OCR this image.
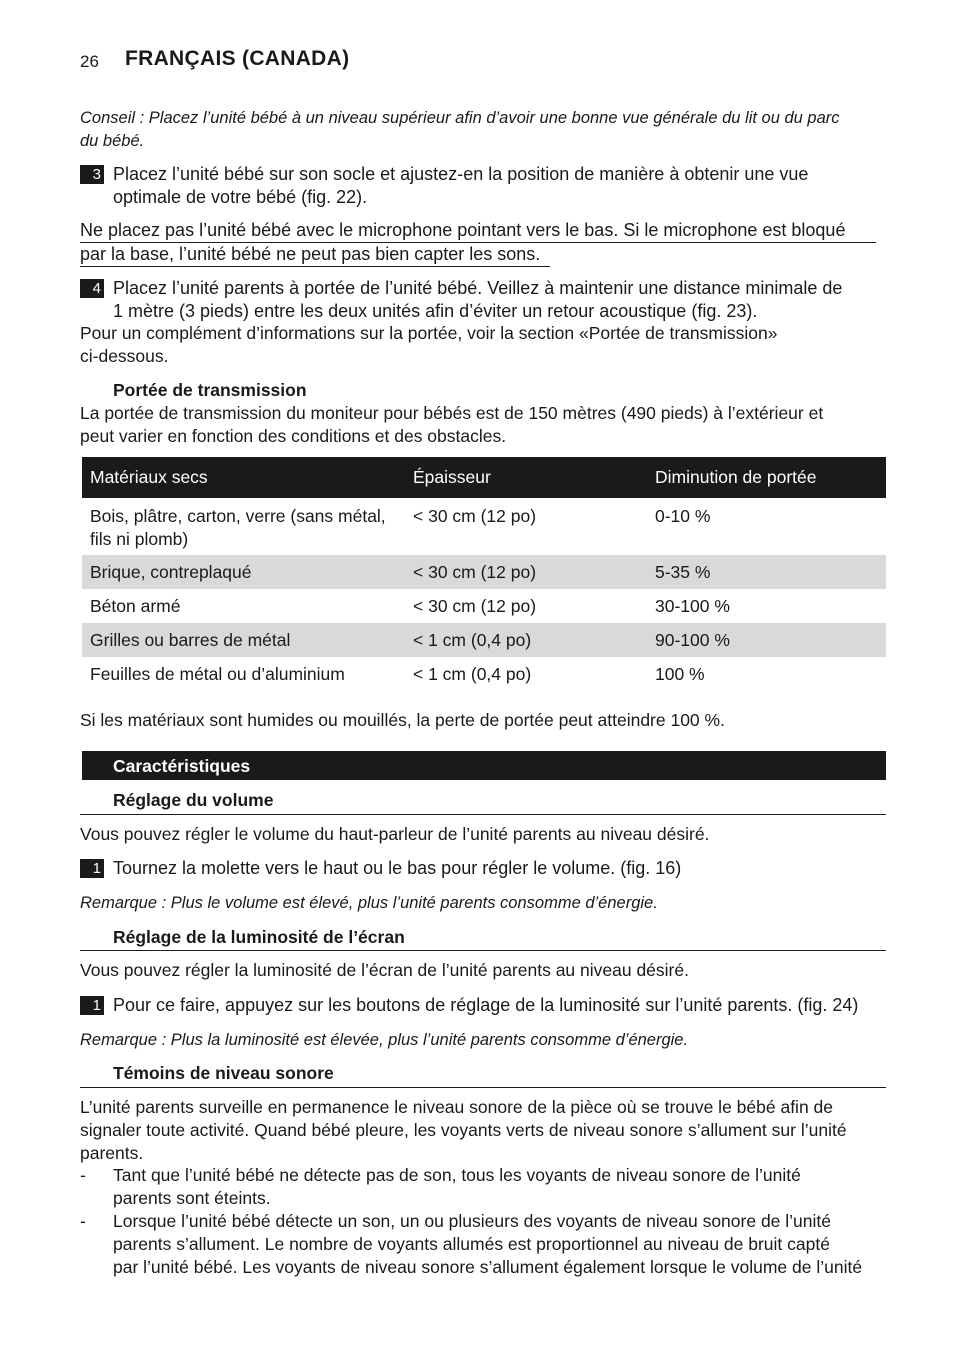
26 FRANÇAIS (CANADA)
Conseil : Placez l’unité bébé à un niveau supérieur afin d’avoir une bonne vue générale du lit ou du parc
du bébé.
3 Placez l’unité bébé sur son socle et ajustez-en la position de manière à obtenir une vue
optimale de votre bébé (fig. 22).
Ne placez pas l’unité bébé avec le microphone pointant vers le bas. Si le microphone est bloqué
par la base, l’unité bébé ne peut pas bien capter les sons.
4 Placez l’unité parents à portée de l’unité bébé. Veillez à maintenir une distance minimale de
1 mètre (3 pieds) entre les deux unités afin d’éviter un retour acoustique (fig. 23).
Pour un complément d’informations sur la portée, voir la section «Portée de transmission»
ci-dessous.
Portée de transmission
La portée de transmission du moniteur pour bébés est de 150 mètres (490 pieds) à l’extérieur et
peut varier en fonction des conditions et des obstacles.
Matériaux secs	Épaisseur	Diminution de portée

Bois, plâtre, carton, verre (sans métal,
fils ni plomb)	< 30 cm (12 po)	0-10 %
Brique, contreplaqué	< 30 cm (12 po)	5-35 %
Béton armé	< 30 cm (12 po)	30-100 %
Grilles ou barres de métal	< 1 cm (0,4 po)	90-100 %
Feuilles de métal ou d’aluminium	< 1 cm (0,4 po)	100 %
Si les matériaux sont humides ou mouillés, la perte de portée peut atteindre 100 %.
Caractéristiques
Réglage du volume
Vous pouvez régler le volume du haut-parleur de l’unité parents au niveau désiré.
1 Tournez la molette vers le haut ou le bas pour régler le volume. (fig. 16)
Remarque : Plus le volume est élevé, plus l’unité parents consomme d’énergie.
Réglage de la luminosité de l’écran
Vous pouvez régler la luminosité de l’écran de l’unité parents au niveau désiré.
1 Pour ce faire, appuyez sur les boutons de réglage de la luminosité sur l’unité parents. (fig. 24)
Remarque : Plus la luminosité est élevée, plus l’unité parents consomme d’énergie.
Témoins de niveau sonore
L’unité parents surveille en permanence le niveau sonore de la pièce où se trouve le bébé afin de
signaler toute activité. Quand bébé pleure, les voyants verts de niveau sonore s’allument sur l’unité
parents.
- Tant que l’unité bébé ne détecte pas de son, tous les voyants de niveau sonore de l’unité
parents sont éteints.
- Lorsque l’unité bébé détecte un son, un ou plusieurs des voyants de niveau sonore de l’unité
parents s’allument. Le nombre de voyants allumés est proportionnel au niveau de bruit capté
par l’unité bébé. Les voyants de niveau sonore s’allument également lorsque le volume de l’unité
